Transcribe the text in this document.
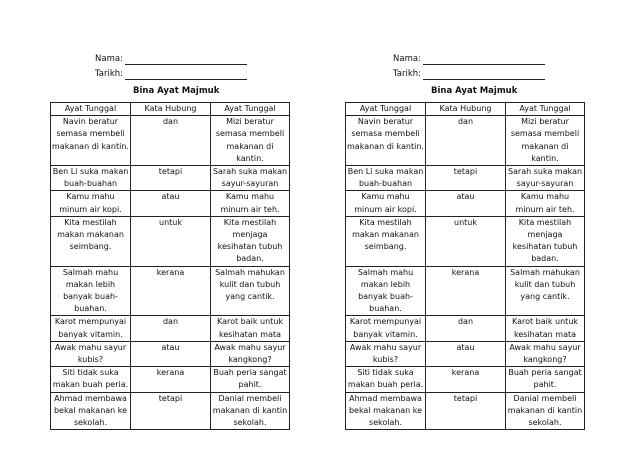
Nama:
Tarikh:
Bina Ayat Majmuk
Ayat Tunggal	Kata Hubung	Ayat Tunggal
Navin beratur semasa membeli makanan di kantin.	dan	Mizi beratur semasa membeli makanan di kantin.
Ben Li suka makan buah-buahan	tetapi	Sarah suka makan sayur-sayuran
Kamu mahu minum air kopi.	atau	Kamu mahu minum air teh.
Kita mestilah makan makanan seimbang.	untuk	Kita mestilah menjaga kesihatan tubuh badan.
Salmah mahu makan lebih banyak buah-buahan.	kerana	Salmah mahukan kulit dan tubuh yang cantik.
Karot mempunyai banyak vitamin.	dan	Karot baik untuk kesihatan mata
Awak mahu sayur kubis?	atau	Awak mahu sayur kangkong?
Siti tidak suka makan buah peria.	kerana	Buah peria sangat pahit.
Ahmad membawa bekal makanan ke sekolah.	tetapi	Danial membeli makanan di kantin sekolah.
Nama:
Tarikh:
Bina Ayat Majmuk
Ayat Tunggal	Kata Hubung	Ayat Tunggal
Navin beratur semasa membeli makanan di kantin.	dan	Mizi beratur semasa membeli makanan di kantin.
Ben Li suka makan buah-buahan	tetapi	Sarah suka makan sayur-sayuran
Kamu mahu minum air kopi.	atau	Kamu mahu minum air teh.
Kita mestilah makan makanan seimbang.	untuk	Kita mestilah menjaga kesihatan tubuh badan.
Salmah mahu makan lebih banyak buah-buahan.	kerana	Salmah mahukan kulit dan tubuh yang cantik.
Karot mempunyai banyak vitamin.	dan	Karot baik untuk kesihatan mata
Awak mahu sayur kubis?	atau	Awak mahu sayur kangkong?
Siti tidak suka makan buah peria.	kerana	Buah peria sangat pahit.
Ahmad membawa bekal makanan ke sekolah.	tetapi	Danial membeli makanan di kantin sekolah.
